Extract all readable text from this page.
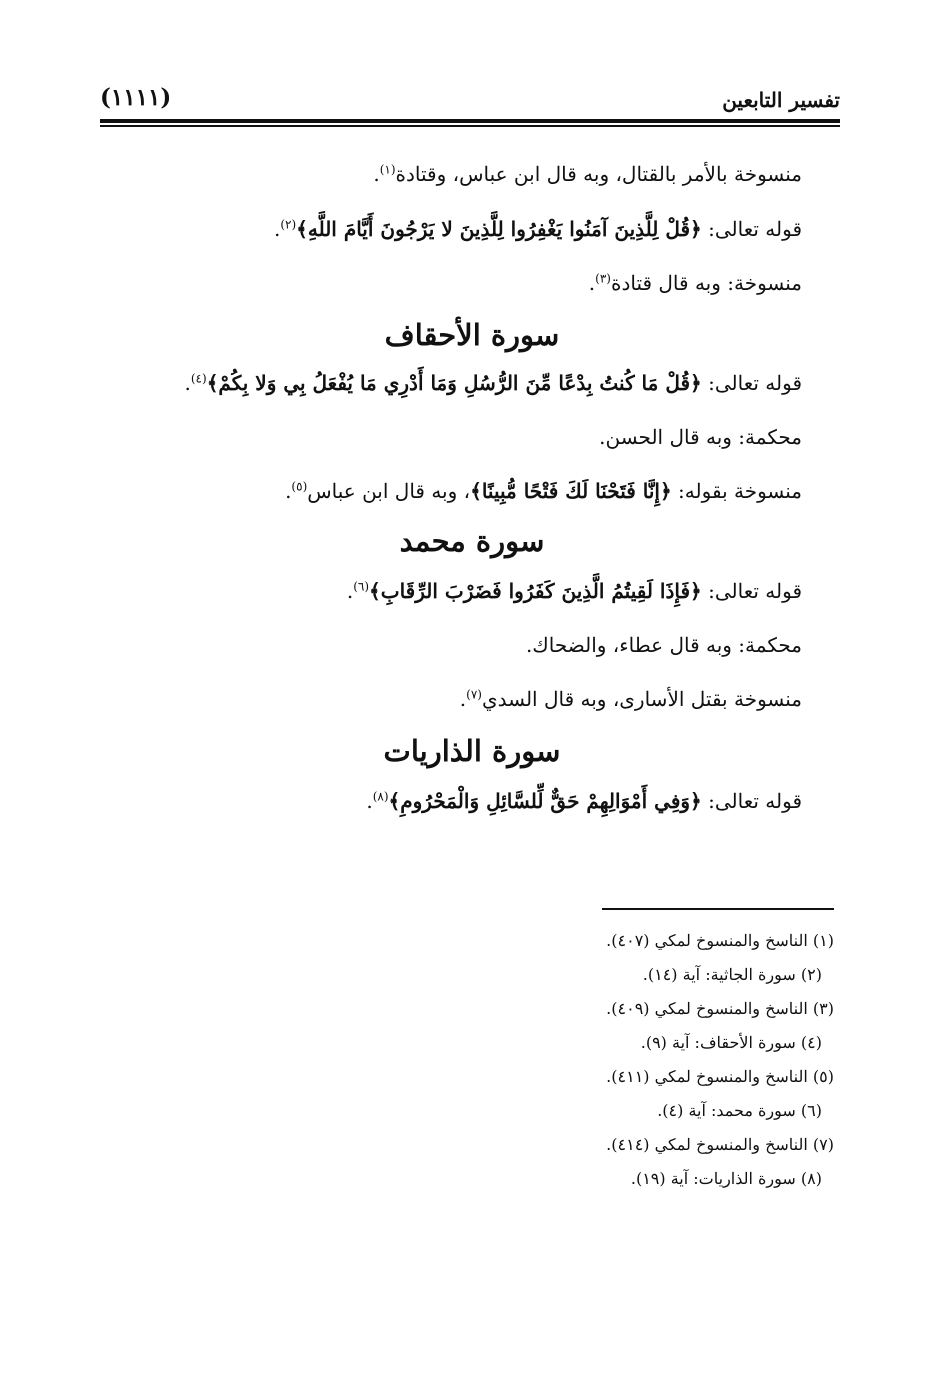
(١١١١)	تفسير التابعين

منسوخة بالأمر بالقتال، وبه قال ابن عباس، وقتادة$^{(١)}$.

قوله تعالى: ﴿قُلْ لِلَّذِينَ آمَنُوا يَغْفِرُوا لِلَّذِينَ لا يَرْجُونَ أَيَّامَ اللَّهِ﴾$^{(٢)}$.

منسوخة: وبه قال قتادة$^{(٣)}$.

سورة الأحقاف

قوله تعالى: ﴿قُلْ مَا كُنتُ بِدْعًا مِّنَ الرُّسُلِ وَمَا أَدْرِي مَا يُفْعَلُ بِي وَلا بِكُمْ﴾$^{(٤)}$.

محكمة: وبه قال الحسن.

منسوخة بقوله: ﴿إِنَّا فَتَحْنَا لَكَ فَتْحًا مُّبِينًا﴾، وبه قال ابن عباس$^{(٥)}$.

سورة محمد

قوله تعالى: ﴿فَإِذَا لَقِيتُمُ الَّذِينَ كَفَرُوا فَضَرْبَ الرِّقَابِ﴾$^{(٦)}$.

محكمة: وبه قال عطاء، والضحاك.

منسوخة بقتل الأسارى، وبه قال السدي$^{(٧)}$.

سورة الذاريات

قوله تعالى: ﴿وَفِي أَمْوَالِهِمْ حَقٌّ لِّلسَّائِلِ وَالْمَحْرُومِ﴾$^{(٨)}$.

(١) الناسخ والمنسوخ لمكي (٤٠٧).

(٢) سورة الجاثية: آية (١٤).

(٣) الناسخ والمنسوخ لمكي (٤٠٩).

(٤) سورة الأحقاف: آية (٩).

(٥) الناسخ والمنسوخ لمكي (٤١١).

(٦) سورة محمد: آية (٤).

(٧) الناسخ والمنسوخ لمكي (٤١٤).

(٨) سورة الذاريات: آية (١٩).
